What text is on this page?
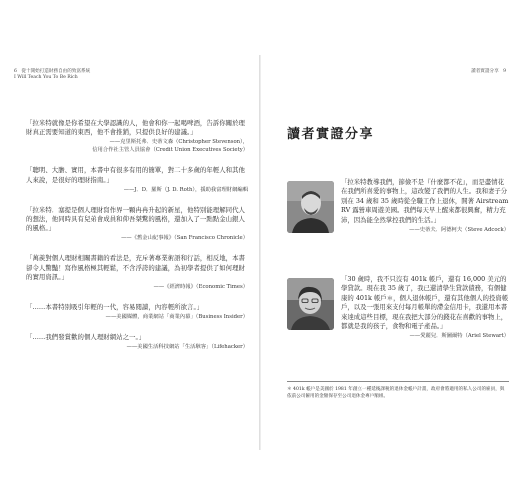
6 從十開始打造財務自由的致富系統
I Will Teach You To Be Rich

「拉米特就像是你希望在大學認識的人，他會和你一起喝啤酒，告訴你關於理財真正需要知道的東西，他不會推銷，只提供良好的建議。」

——克里斯托弗．史蒂文森（Christopher Stevenson），
信用合作社主管人員協會（Credit Union Executives Society）

「聰明、大膽、實用，本書中有很多有用的簡單，對二十多歲的年輕人和其他人來說，是很好的理財指南。」

——J．D．羅斯（J. D. Roth），援助我富理財網編輯

「拉米特．塞提是個人理財寫作界一顆冉冉升起的新星，他特別能理解同代人的想法，他同時具有兒弟會成員和仰吾桀驚的風格，還加入了一點點金山銀人的風格。」

——《舊金山紀事報》（San Francisco Chronicle）

「萬羨對個人理財相關書籍的看法是，充斥著專業術語和行話，相反地，本書卻令人驚豔！寫作風格極其輕鬆，不含浮誇的建議，為初學者提供了如何理財的實用資訊。」

——《經濟時報》（Economic Times）

「……本書特別吸引年輕的一代，容易閱讀，內容輕所欲言。」

——美國媒體，商業網站「商業內幕」（Business Insider）

「……我們發賞歡的個人理財網站之一。」

——美國生活科技網站「生活駭客」（Lifehacker）
讀者實證分享 9
讀者實證分享

「拉米特教導我們，節儉不是『什麼都不花』，而是盡情花在我們所喜愛的事物上，這改變了我們的人生。我和妻子分別在 34 歲和 35 歲時從全職工作上退休，開著 Airstream RV 露營車周遊美國。我們每天早上醒來都很興奮，精力充沛，因為能全然掌控我們的生活。」

——史蒂夫．阿德柯夫（Steve Adcock）

「30 歲時，我不只沒有 401k 帳戶，還有 16,000 美元的學貸款。現在我 35 歲了，我已還清學生貸款債務，有個健康的 401k 帳戶＊，個人退休帳戶，還有其他個人的投資帳戶，以及一張用來支付每月帳單的滯金信用卡，我還用本書來達成這些目標，現在我把大部分的錢花在喜歡的事物上，都就是我的孩子，食物和電子產品。」

——愛麗兒．斯圖爾特（Ariel Stewart）

＊ 401k 帳戶是美國於 1981 年創立一種延後課稅的退休金帳戶計畫，政府會將適用的私人公司的雇員，與依前公司僱用的金額保存至公司退休金專戶額組。
